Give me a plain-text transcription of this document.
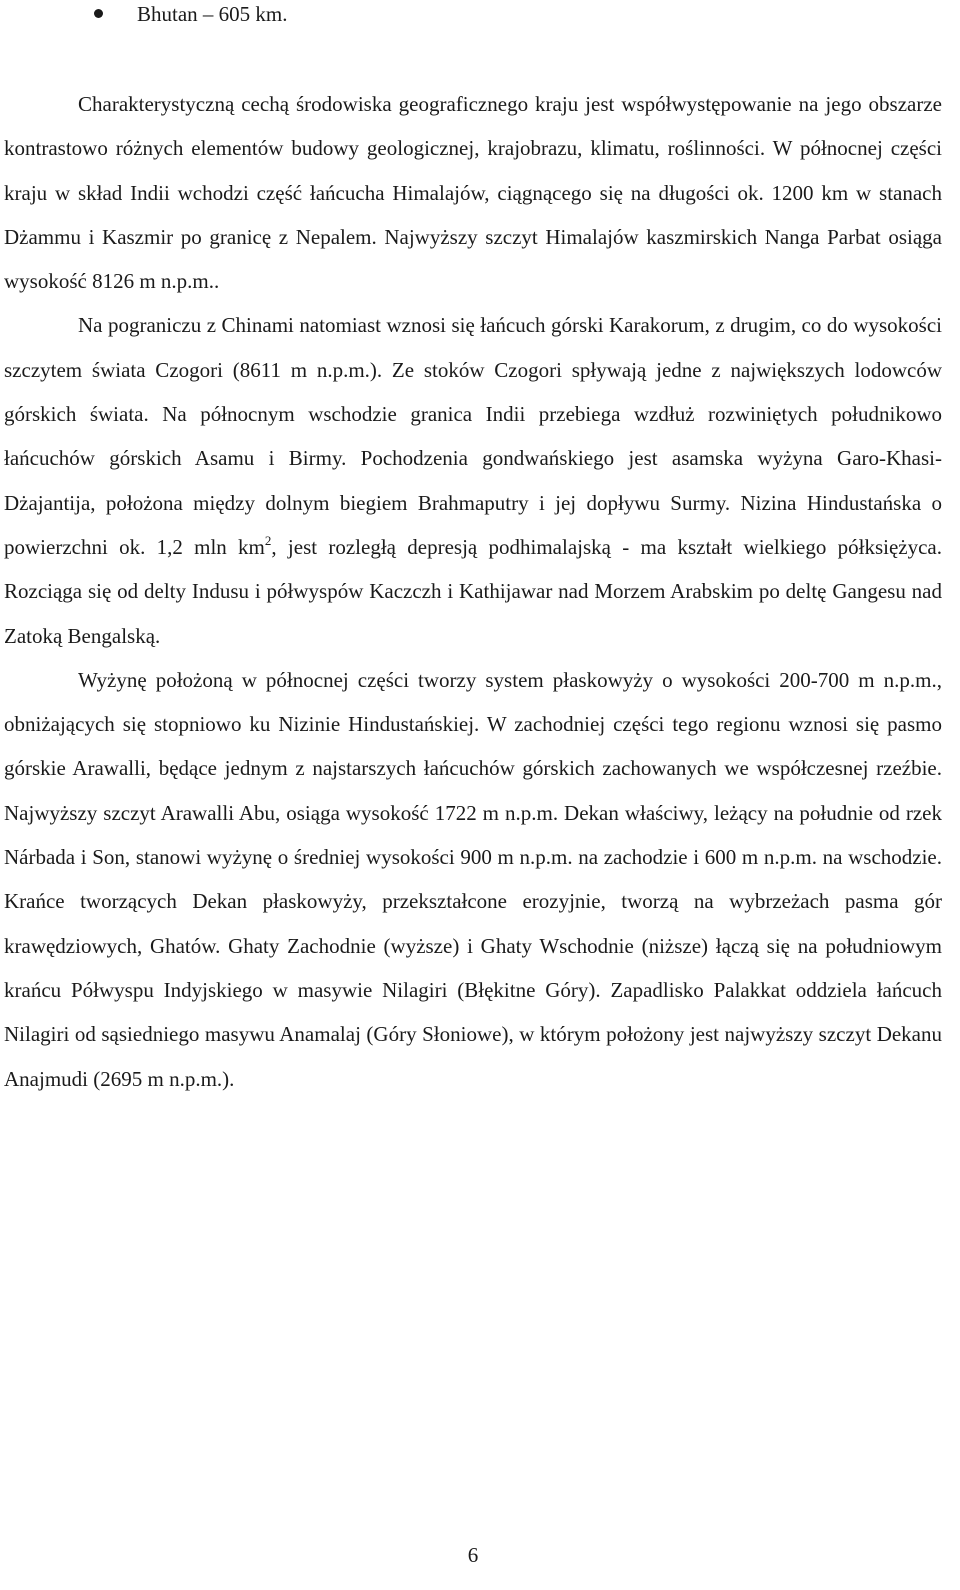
Bhutan – 605 km.

Charakterystyczną cechą środowiska geograficznego kraju jest współwystępowanie na jego obszarze kontrastowo różnych elementów budowy geologicznej, krajobrazu, klimatu, roślinności. W północnej części kraju w skład Indii wchodzi część łańcucha Himalajów, ciągnącego się na długości ok. 1200 km w stanach Dżammu i Kaszmir po granicę z Nepalem. Najwyższy szczyt Himalajów kaszmirskich Nanga Parbat osiąga wysokość 8126 m n.p.m..

Na pograniczu z Chinami natomiast wznosi się łańcuch górski Karakorum, z drugim, co do wysokości szczytem świata Czogori (8611 m n.p.m.). Ze stoków Czogori spływają jedne z największych lodowców górskich świata. Na północnym wschodzie granica Indii przebiega wzdłuż rozwiniętych południkowo łańcuchów górskich Asamu i Birmy. Pochodzenia gondwańskiego jest asamska wyżyna Garo-Khasi-Dżajantija, położona między dolnym biegiem Brahmaputry i jej dopływu Surmy. Nizina Hindustańska o powierzchni ok. 1,2 mln $km^2$, jest rozległą depresją podhimalajską - ma kształt wielkiego półksiężyca. Rozciąga się od delty Indusu i półwyspów Kaczczh i Kathijawar nad Morzem Arabskim po deltę Gangesu nad Zatoką Bengalską.

Wyżynę położoną w północnej części tworzy system płaskowyży o wysokości 200-700 m n.p.m., obniżających się stopniowo ku Nizinie Hindustańskiej. W zachodniej części tego regionu wznosi się pasmo górskie Arawalli, będące jednym z najstarszych łańcuchów górskich zachowanych we współczesnej rzeźbie. Najwyższy szczyt Arawalli Abu, osiąga wysokość 1722 m n.p.m. Dekan właściwy, leżący na południe od rzek Nárbada i Son, stanowi wyżynę o średniej wysokości 900 m n.p.m. na zachodzie i 600 m n.p.m. na wschodzie. Krańce tworzących Dekan płaskowyży, przekształcone erozyjnie, tworzą na wybrzeżach pasma gór krawędziowych, Ghatów. Ghaty Zachodnie (wyższe) i Ghaty Wschodnie (niższe) łączą się na południowym krańcu Półwyspu Indyjskiego w masywie Nilagiri (Błękitne Góry). Zapadlisko Palakkat oddziela łańcuch Nilagiri od sąsiedniego masywu Anamalaj (Góry Słoniowe), w którym położony jest najwyższy szczyt Dekanu Anajmudi (2695 m n.p.m.).

6
